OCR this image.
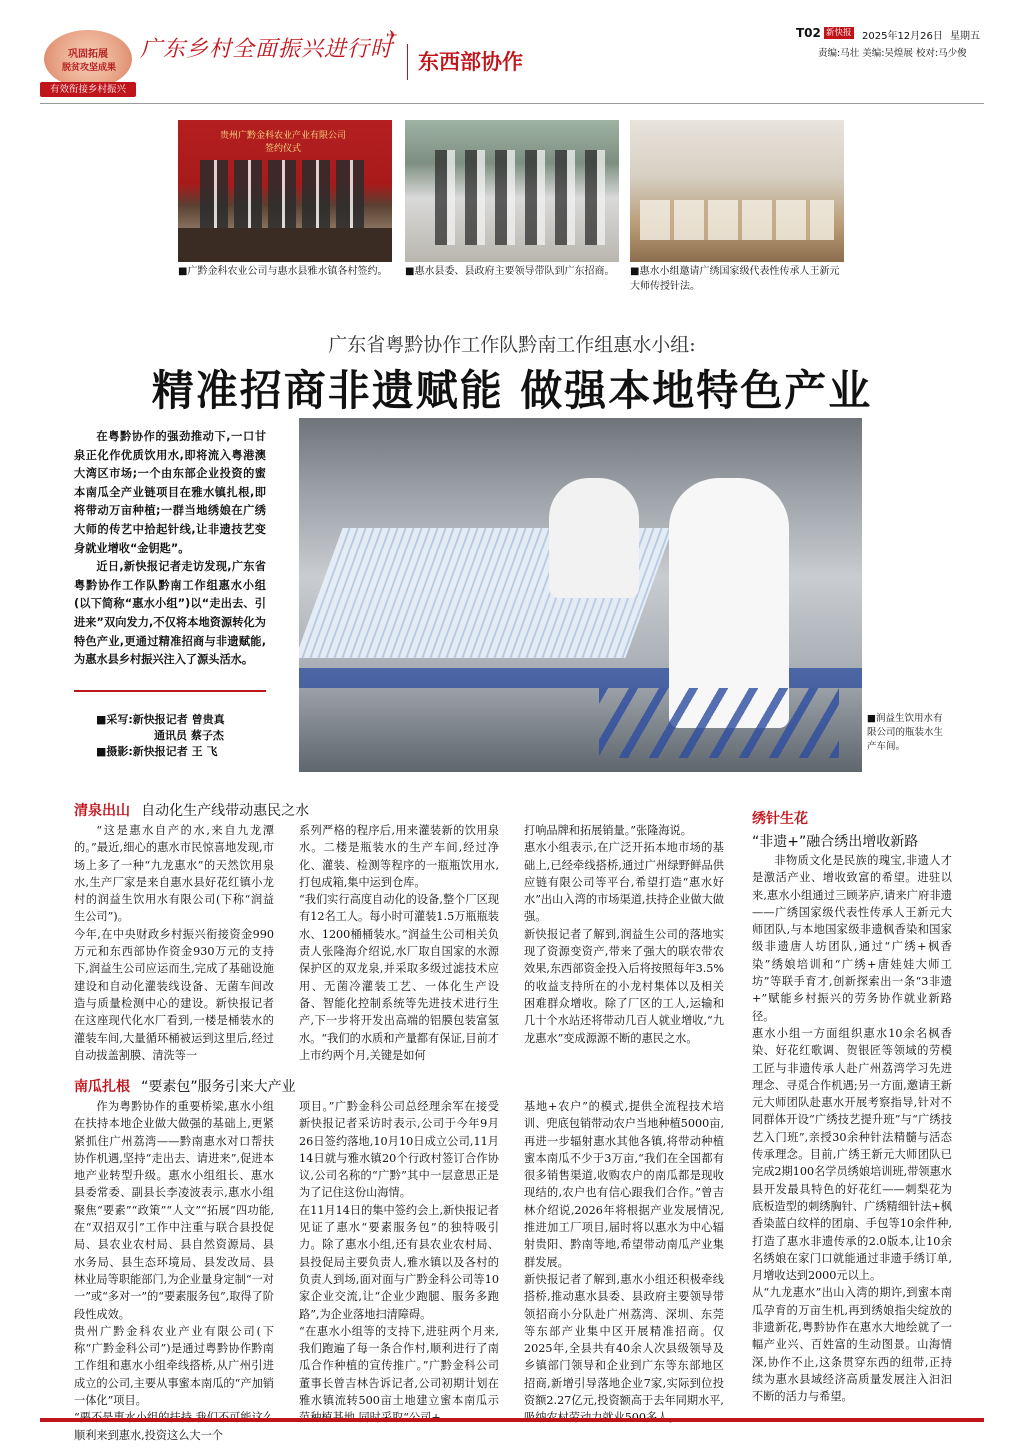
巩固拓展
脱贫攻坚成果
广东乡村全面振兴进行时
✈
有效衔接乡村振兴
东西部协作
T02 新快报 2025年12月26日 星期五
责编:马壮 美编:吴煌展 校对:马少俊
贵州广黔金科农业产业有限公司签约仪式
■广黔金科农业公司与惠水县雅水镇各村签约。	■惠水县委、县政府主要领导带队到广东招商。	■惠水小组邀请广绣国家级代表性传承人王新元大师传授针法。
广东省粤黔协作工作队黔南工作组惠水小组:
精准招商非遗赋能 做强本地特色产业

在粤黔协作的强劲推动下,一口甘泉正化作优质饮用水,即将流入粤港澳大湾区市场;一个由东部企业投资的蜜本南瓜全产业链项目在雅水镇扎根,即将带动万亩种植;一群当地绣娘在广绣大师的传艺中拾起针线,让非遗技艺变身就业增收“金钥匙”。

近日,新快报记者走访发现,广东省粤黔协作工作队黔南工作组惠水小组(以下简称“惠水小组”)以“走出去、引进来”双向发力,不仅将本地资源转化为特色产业,更通过精准招商与非遗赋能,为惠水县乡村振兴注入了源头活水。

■采写:新快报记者 曾贵真
通讯员 蔡子杰
■摄影:新快报记者 王 飞
■润益生饮用水有限公司的瓶装水生产车间。
清泉出山 自动化生产线带动惠民之水

“这是惠水自产的水,来自九龙潭的。”最近,细心的惠水市民惊喜地发现,市场上多了一种“九龙惠水”的天然饮用泉水,生产厂家是来自惠水县好花红镇小龙村的润益生饮用水有限公司(下称“润益生公司”)。
今年,在中央财政乡村振兴衔接资金990万元和东西部协作资金930万元的支持下,润益生公司应运而生,完成了基础设施建设和自动化灌装线设备、无菌车间改造与质量检测中心的建设。新快报记者在这座现代化水厂看到,一楼是桶装水的灌装车间,大量循环桶被运到这里后,经过自动拔盖割膜、清洗等一

系列严格的程序后,用来灌装新的饮用泉水。二楼是瓶装水的生产车间,经过净化、灌装、检测等程序的一瓶瓶饮用水,打包成箱,集中运到仓库。
“我们实行高度自动化的设备,整个厂区现有12名工人。每小时可灌装1.5万瓶瓶装水、1200桶桶装水。”润益生公司相关负责人张隆海介绍说,水厂取自国家的水源保护区的双龙泉,并采取多级过滤技术应用、无菌冷灌装工艺、一体化生产设备、智能化控制系统等先进技术进行生产,下一步将开发出高端的铝膜包装富氢水。“我们的水质和产量都有保证,目前才上市约两个月,关键是如何

打响品牌和拓展销量。”张隆海说。
惠水小组表示,在广泛开拓本地市场的基础上,已经牵线搭桥,通过广州绿野鲜品供应链有限公司等平台,希望打造“惠水好水”出山入湾的市场渠道,扶持企业做大做强。
新快报记者了解到,润益生公司的落地实现了资源变资产,带来了强大的联农带农效果,东西部资金投入后将按照每年3.5%的收益支持所在的小龙村集体以及相关困难群众增收。除了厂区的工人,运输和几十个水站还将带动几百人就业增收,“九龙惠水”变成源源不断的惠民之水。

南瓜扎根 “要素包”服务引来大产业

作为粤黔协作的重要桥梁,惠水小组在扶持本地企业做大做强的基础上,更紧紧抓住广州荔湾——黔南惠水对口帮扶协作机遇,坚持“走出去、请进来”,促进本地产业转型升级。惠水小组组长、惠水县委常委、副县长李凌波表示,惠水小组聚焦“要素”“政策”“人文”“拓展”四功能,在“双招双引”工作中注重与联合县投促局、县农业农村局、县自然资源局、县水务局、县生态环境局、县发改局、县林业局等职能部门,为企业量身定制“一对一”或“多对一”的“要素服务包”,取得了阶段性成效。
贵州广黔金科农业产业有限公司(下称“广黔金科公司”)是通过粤黔协作黔南工作组和惠水小组牵线搭桥,从广州引进成立的公司,主要从事蜜本南瓜的“产加销一体化”项目。
顺利来到惠水,投资这么大一个

项目。”广黔金科公司总经理余军在接受新快报记者采访时表示,公司于今年9月26日签约落地,10月10日成立公司,11月14日就与雅水镇20个行政村签订合作协议,公司名称的“广黔”其中一层意思正是为了记住这份山海情。
在11月14日的集中签约会上,新快报记者见证了惠水“要素服务包”的独特吸引力。除了惠水小组,还有县农业农村局、县投促局主要负责人,雅水镇以及各村的负责人到场,面对面与广黔金科公司等10家企业交流,让“企业少跑腿、服务多跑路”,为企业落地扫清障碍。
“在惠水小组等的支持下,进驻两个月来,我们跑遍了每一条合作村,顺利进行了南瓜合作种植的宣传推广。”广黔金科公司董事长曾吉林告诉记者,公司初期计划在雅水镇流转500亩土地建立蜜本南瓜示

基地+农户”的模式,提供全流程技术培训、兜底包销带动农户当地种植5000亩,再进一步辐射惠水其他各镇,将带动种植蜜本南瓜不少于3万亩,“我们在全国都有很多销售渠道,收购农户的南瓜都是现收现结的,农户也有信心跟我们合作。”曾吉林介绍说,2026年将根据产业发展情况,推进加工厂项目,届时将以惠水为中心辐射贵阳、黔南等地,希望带动南瓜产业集群发展。
新快报记者了解到,惠水小组还积极牵线搭桥,推动惠水县委、县政府主要领导带领招商小分队赴广州荔湾、深圳、东莞等东部产业集中区开展精准招商。仅2025年,全县共有40余人次县级领导及乡镇部门领导和企业到广东等东部地区招商,新增引导落地企业7家,实际到位投资额2.27亿元,投资额高于去年同期水平,

绣针生花
“非遗+”融合绣出增收新路

非物质文化是民族的瑰宝,非遗人才是激活产业、增收致富的希望。进驻以来,惠水小组通过三顾茅庐,请来广府非遗——广绣国家级代表性传承人王新元大师团队,与本地国家级非遗枫香染和国家级非遗唐人坊团队,通过“广绣+枫香染”绣娘培训和“广绣+唐娃娃大师工坊”等联手育才,创新探索出一条“3非遗+”赋能乡村振兴的劳务协作就业新路径。
惠水小组一方面组织惠水10余名枫香染、好花红歌调、贺银匠等领域的劳模工匠与非遗传承人赴广州荔湾学习先进理念、寻觅合作机遇;另一方面,邀请王新元大师团队赴惠水开展考察指导,针对不同群体开设“广绣技艺提升班”与“广绣技艺入门班”,亲授30余种针法精髓与活态传承理念。目前,广绣王新元大师团队已完成2期100名学员绣娘培训班,带领惠水县开发最具特色的好花红——刺梨花为底板造型的刺绣胸针、广绣精细针法+枫香染蓝白纹样的团扇、手包等10余件种,打造了惠水非遗传承的2.0版本,让10余名绣娘在家门口就能通过非遗手绣订单,月增收达到2000元以上。
从“九龙惠水”出山入湾的期许,到蜜本南瓜孕育的万亩生机,再到绣娘指尖绽放的非遗新花,粤黔协作在惠水大地绘就了一幅产业兴、百姓富的生动图景。山海情深,协作不止,这条贯穿东西的纽带,正持续为惠水县域经济高质量发展注入汩汩不断的活力与希望。
